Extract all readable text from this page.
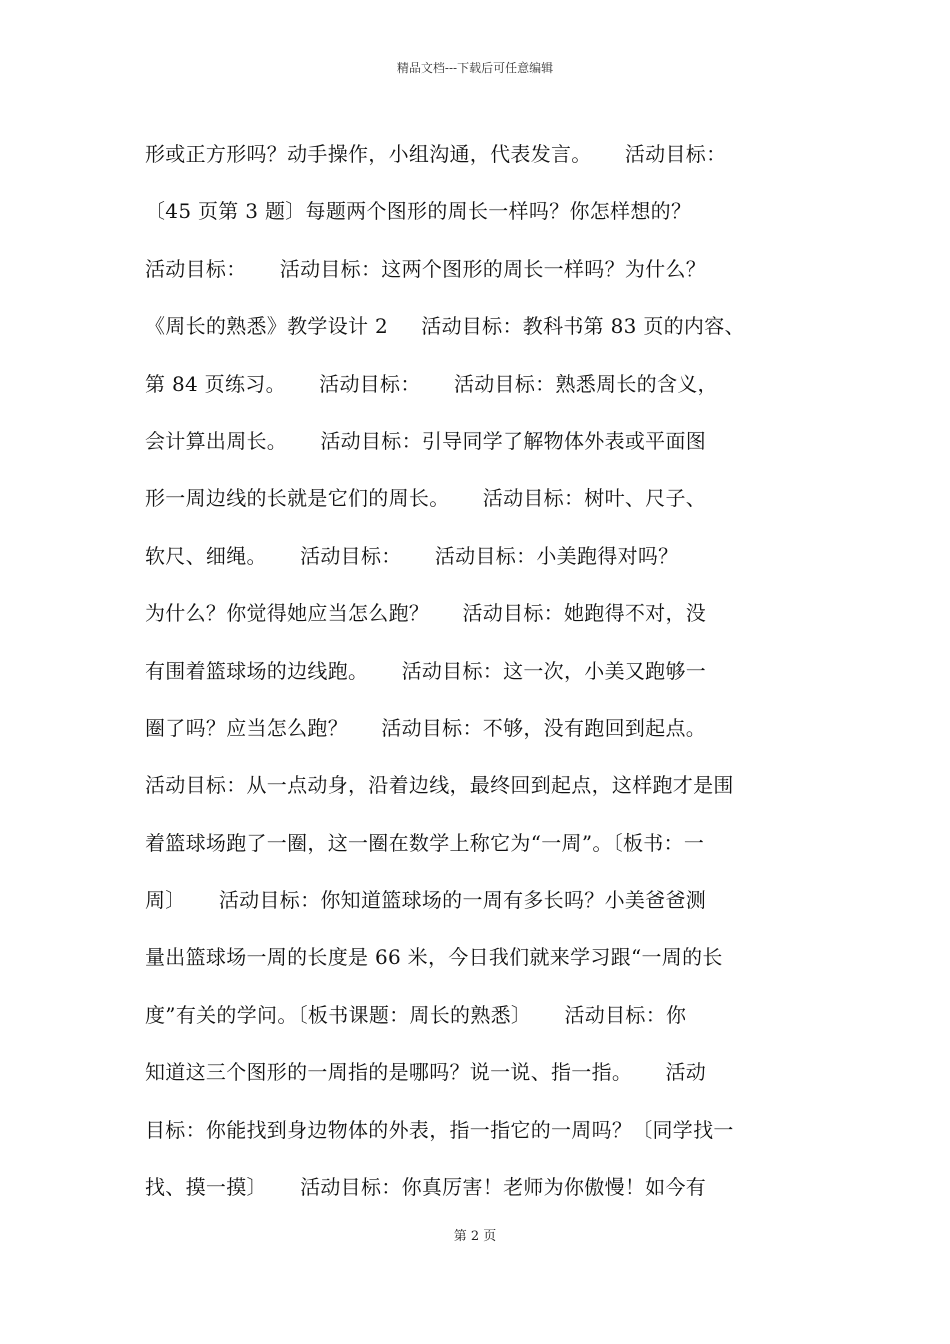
精品文档---下载后可任意编辑
形或正方形吗？动手操作，小组沟通，代表发言。     活动目标：
〔45 页第 3 题〕每题两个图形的周长一样吗？你怎样想的？
活动目标：     活动目标：这两个图形的周长一样吗？为什么？
《周长的熟悉》教学设计 2     活动目标：教科书第 83 页的内容、
第 84 页练习。     活动目标：     活动目标：熟悉周长的含义，
会计算出周长。     活动目标：引导同学了解物体外表或平面图
形一周边线的长就是它们的周长。     活动目标：树叶、尺子、
软尺、细绳。     活动目标：     活动目标：小美跑得对吗？
为什么？你觉得她应当怎么跑？     活动目标：她跑得不对，没
有围着篮球场的边线跑。     活动目标：这一次，小美又跑够一
圈了吗？应当怎么跑？     活动目标：不够，没有跑回到起点。
活动目标：从一点动身，沿着边线，最终回到起点，这样跑才是围
着篮球场跑了一圈，这一圈在数学上称它为“一周”。〔板书：一
周〕     活动目标：你知道篮球场的一周有多长吗？小美爸爸测
量出篮球场一周的长度是 66 米，今日我们就来学习跟“一周的长
度”有关的学问。〔板书课题：周长的熟悉〕     活动目标：你
知道这三个图形的一周指的是哪吗？说一说、指一指。     活动
目标：你能找到身边物体的外表，指一指它的一周吗？〔同学找一
找、摸一摸〕     活动目标：你真厉害！老师为你傲慢！如今有
第 2 页
